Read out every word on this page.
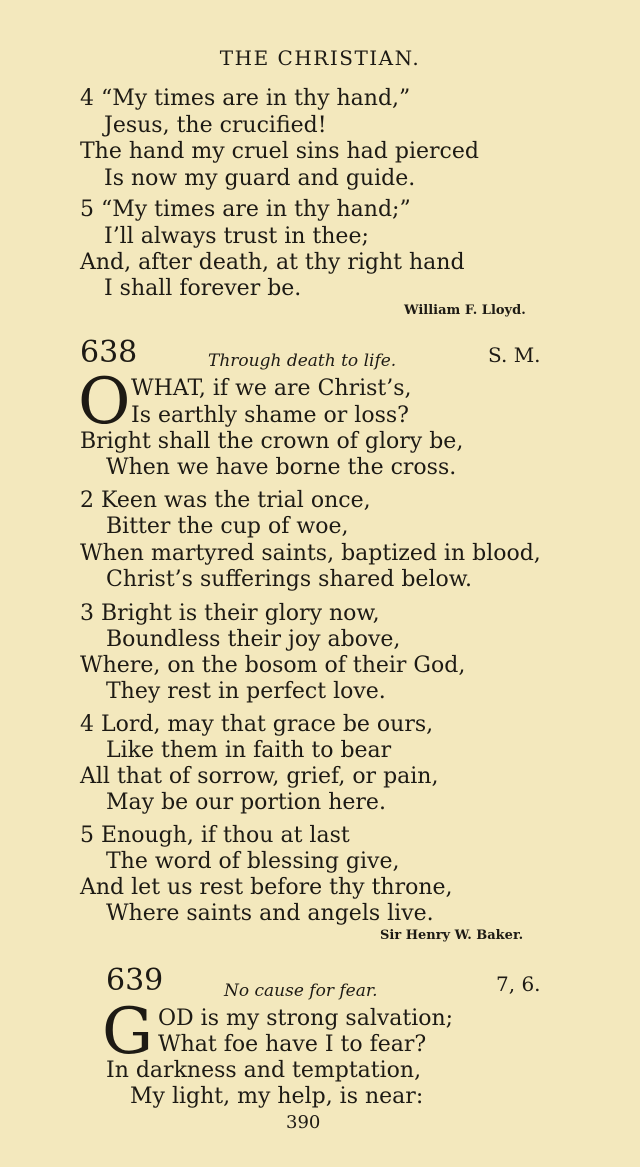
THE CHRISTIAN.
4 “My times are in thy hand,”
Jesus, the crucified!
The hand my cruel sins had pierced
Is now my guard and guide.
5 “My times are in thy hand;”
I’ll always trust in thee;
And, after death, at thy right hand
I shall forever be.
William F. Lloyd.
638	Through death to life.	S. M.
O WHAT, if we are Christ’s,
Is earthly shame or loss?
Bright shall the crown of glory be,
When we have borne the cross.
2 Keen was the trial once,
Bitter the cup of woe,
When martyred saints, baptized in blood,
Christ’s sufferings shared below.
3 Bright is their glory now,
Boundless their joy above,
Where, on the bosom of their God,
They rest in perfect love.
4 Lord, may that grace be ours,
Like them in faith to bear
All that of sorrow, grief, or pain,
May be our portion here.
5 Enough, if thou at last
The word of blessing give,
And let us rest before thy throne,
Where saints and angels live.
Sir Henry W. Baker.
639	No cause for fear.	7, 6.
G OD is my strong salvation;
What foe have I to fear?
In darkness and temptation,
My light, my help, is near:
390
